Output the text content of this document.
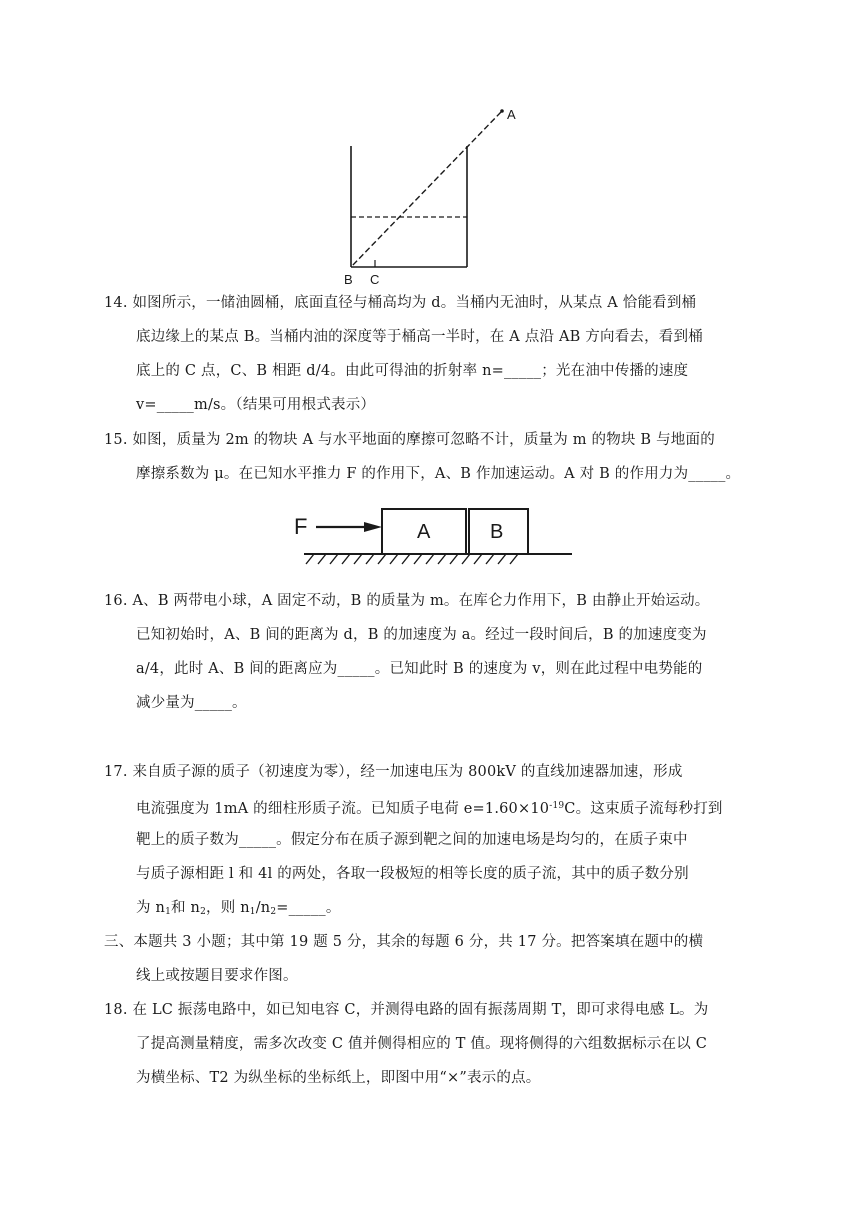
A
B C
14. 如图所示，一储油圆桶，底面直径与桶高均为 d。当桶内无油时，从某点 A 恰能看到桶
底边缘上的某点 B。当桶内油的深度等于桶高一半时，在 A 点沿 AB 方向看去，看到桶
底上的 C 点，C、B 相距 d/4。由此可得油的折射率 n=_____；光在油中传播的速度
v=_____m/s。（结果可用根式表示）
15. 如图，质量为 2m 的物块 A 与水平地面的摩擦可忽略不计，质量为 m 的物块 B 与地面的
摩擦系数为 μ。在已知水平推力 F 的作用下，A、B 作加速运动。A 对 B 的作用力为_____。
F	A	B
16. A、B 两带电小球，A 固定不动，B 的质量为 m。在库仑力作用下，B 由静止开始运动。
已知初始时，A、B 间的距离为 d，B 的加速度为 a。经过一段时间后，B 的加速度变为
a/4，此时 A、B 间的距离应为_____。已知此时 B 的速度为 v，则在此过程中电势能的
减少量为_____。
17. 来自质子源的质子（初速度为零），经一加速电压为 800kV 的直线加速器加速，形成
电流强度为 1mA 的细柱形质子流。已知质子电荷 $e=1.60\times 10^{-19}C$。这束质子流每秒打到
靶上的质子数为_____。假定分布在质子源到靶之间的加速电场是均匀的，在质子束中
与质子源相距 l 和 4l 的两处，各取一段极短的相等长度的质子流，其中的质子数分别
为 $n_1$和 $n_2$，则 $n_1/n_2=\_\_\_\_\_$。
三、本题共 3 小题；其中第 19 题 5 分，其余的每题 6 分，共 17 分。把答案填在题中的横
线上或按题目要求作图。
18. 在 LC 振荡电路中，如已知电容 C，并测得电路的固有振荡周期 T，即可求得电感 L。为
了提高测量精度，需多次改变 C 值并侧得相应的 T 值。现将侧得的六组数据标示在以 C
为横坐标、T2 为纵坐标的坐标纸上，即图中用“×”表示的点。
